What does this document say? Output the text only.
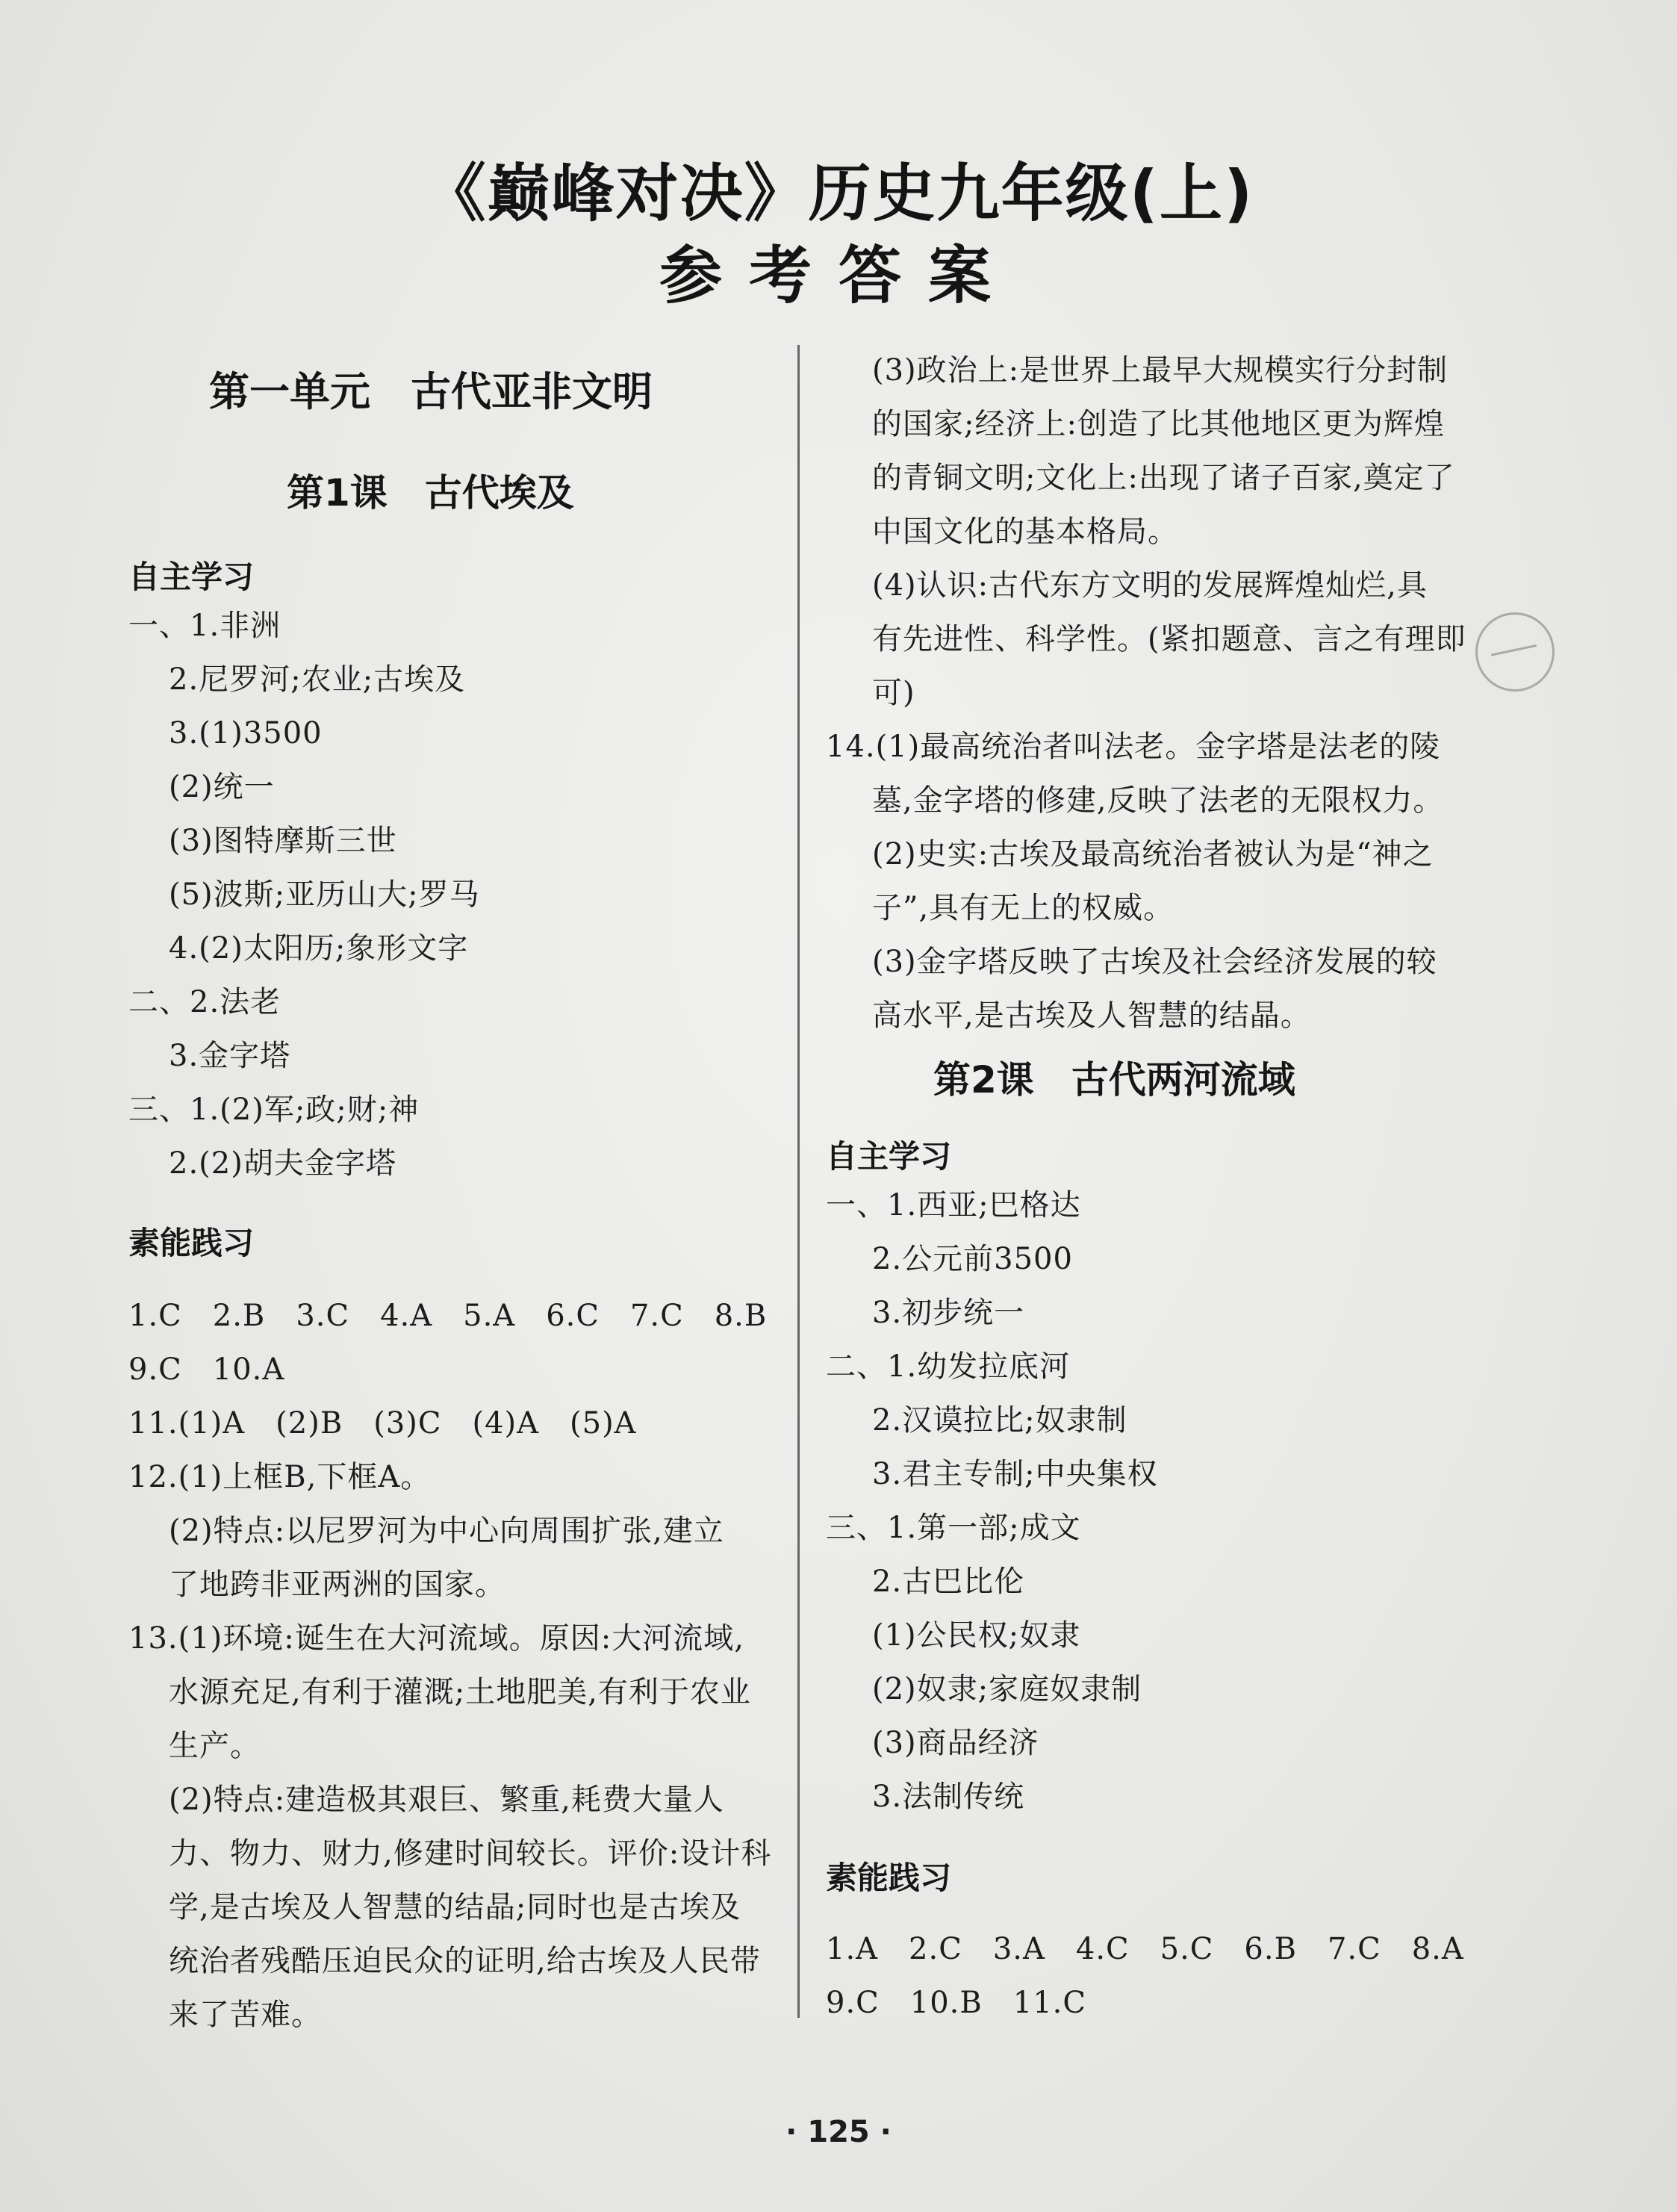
《巅峰对决》历史九年级(上)
参考答案
第一单元　古代亚非文明
第1课　古代埃及
自主学习
一、1.非洲
2.尼罗河;农业;古埃及
3.(1)3500
(2)统一
(3)图特摩斯三世
(5)波斯;亚历山大;罗马
4.(2)太阳历;象形文字
二、2.法老
3.金字塔
三、1.(2)军;政;财;神
2.(2)胡夫金字塔
素能践习
1.C　2.B　3.C　4.A　5.A　6.C　7.C　8.B
9.C　10.A
11.(1)A　(2)B　(3)C　(4)A　(5)A
12.(1)上框B,下框A。
(2)特点:以尼罗河为中心向周围扩张,建立
了地跨非亚两洲的国家。
13.(1)环境:诞生在大河流域。原因:大河流域,
水源充足,有利于灌溉;土地肥美,有利于农业
生产。
(2)特点:建造极其艰巨、繁重,耗费大量人
力、物力、财力,修建时间较长。评价:设计科
学,是古埃及人智慧的结晶;同时也是古埃及
统治者残酷压迫民众的证明,给古埃及人民带
来了苦难。
(3)政治上:是世界上最早大规模实行分封制
的国家;经济上:创造了比其他地区更为辉煌
的青铜文明;文化上:出现了诸子百家,奠定了
中国文化的基本格局。
(4)认识:古代东方文明的发展辉煌灿烂,具
有先进性、科学性。(紧扣题意、言之有理即
可)
14.(1)最高统治者叫法老。金字塔是法老的陵
墓,金字塔的修建,反映了法老的无限权力。
(2)史实:古埃及最高统治者被认为是“神之
子”,具有无上的权威。
(3)金字塔反映了古埃及社会经济发展的较
高水平,是古埃及人智慧的结晶。
第2课　古代两河流域
自主学习
一、1.西亚;巴格达
2.公元前3500
3.初步统一
二、1.幼发拉底河
2.汉谟拉比;奴隶制
3.君主专制;中央集权
三、1.第一部;成文
2.古巴比伦
(1)公民权;奴隶
(2)奴隶;家庭奴隶制
(3)商品经济
3.法制传统
素能践习
1.A　2.C　3.A　4.C　5.C　6.B　7.C　8.A
9.C　10.B　11.C
· 125 ·
